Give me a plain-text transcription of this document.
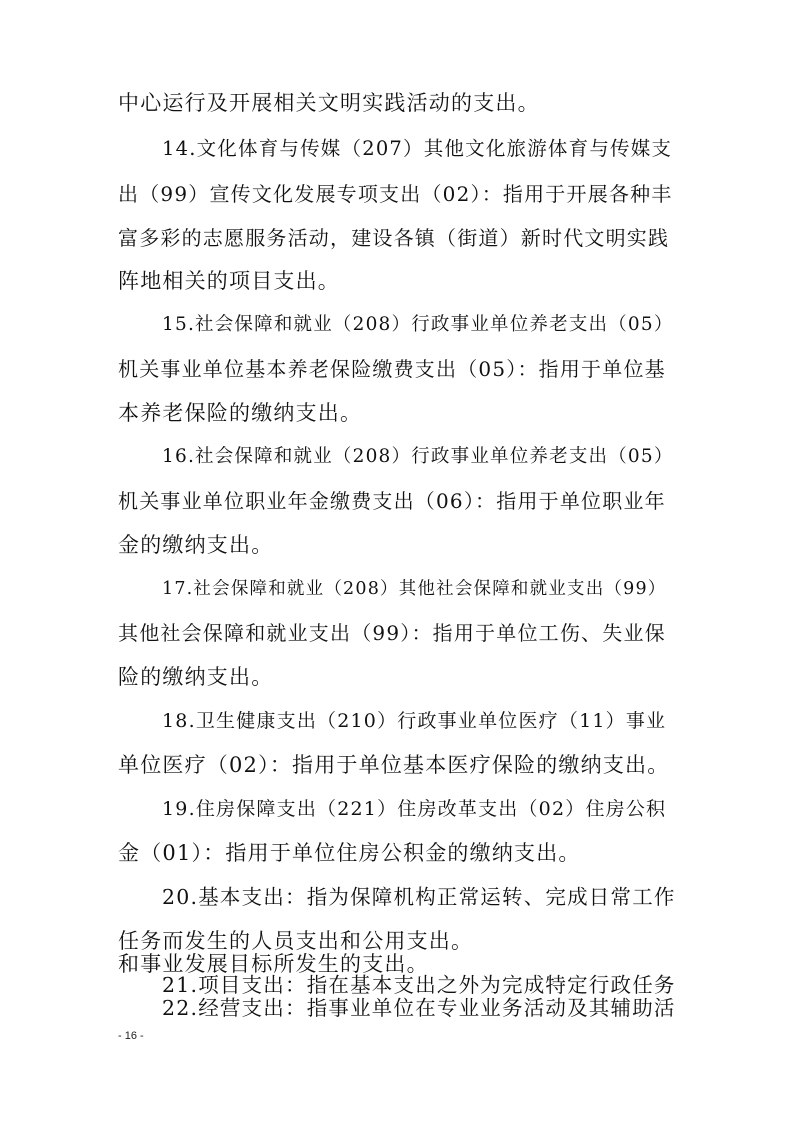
中心运行及开展相关文明实践活动的支出。
14.文化体育与传媒（207）其他文化旅游体育与传媒支
出（99）宣传文化发展专项支出（02）：指用于开展各种丰
富多彩的志愿服务活动，建设各镇（街道）新时代文明实践
阵地相关的项目支出。
15.社会保障和就业（208）行政事业单位养老支出（05）
机关事业单位基本养老保险缴费支出（05）：指用于单位基
本养老保险的缴纳支出。
16.社会保障和就业（208）行政事业单位养老支出（05）
机关事业单位职业年金缴费支出（06）：指用于单位职业年
金的缴纳支出。
17.社会保障和就业（208）其他社会保障和就业支出（99）
其他社会保障和就业支出（99）：指用于单位工伤、失业保
险的缴纳支出。
18.卫生健康支出（210）行政事业单位医疗（11）事业
单位医疗（02）：指用于单位基本医疗保险的缴纳支出。
19.住房保障支出（221）住房改革支出（02）住房公积
金（01）：指用于单位住房公积金的缴纳支出。
20.基本支出：指为保障机构正常运转、完成日常工作
任务而发生的人员支出和公用支出。
21.项目支出：指在基本支出之外为完成特定行政任务
和事业发展目标所发生的支出。
22.经营支出：指事业单位在专业业务活动及其辅助活
- 16 -
